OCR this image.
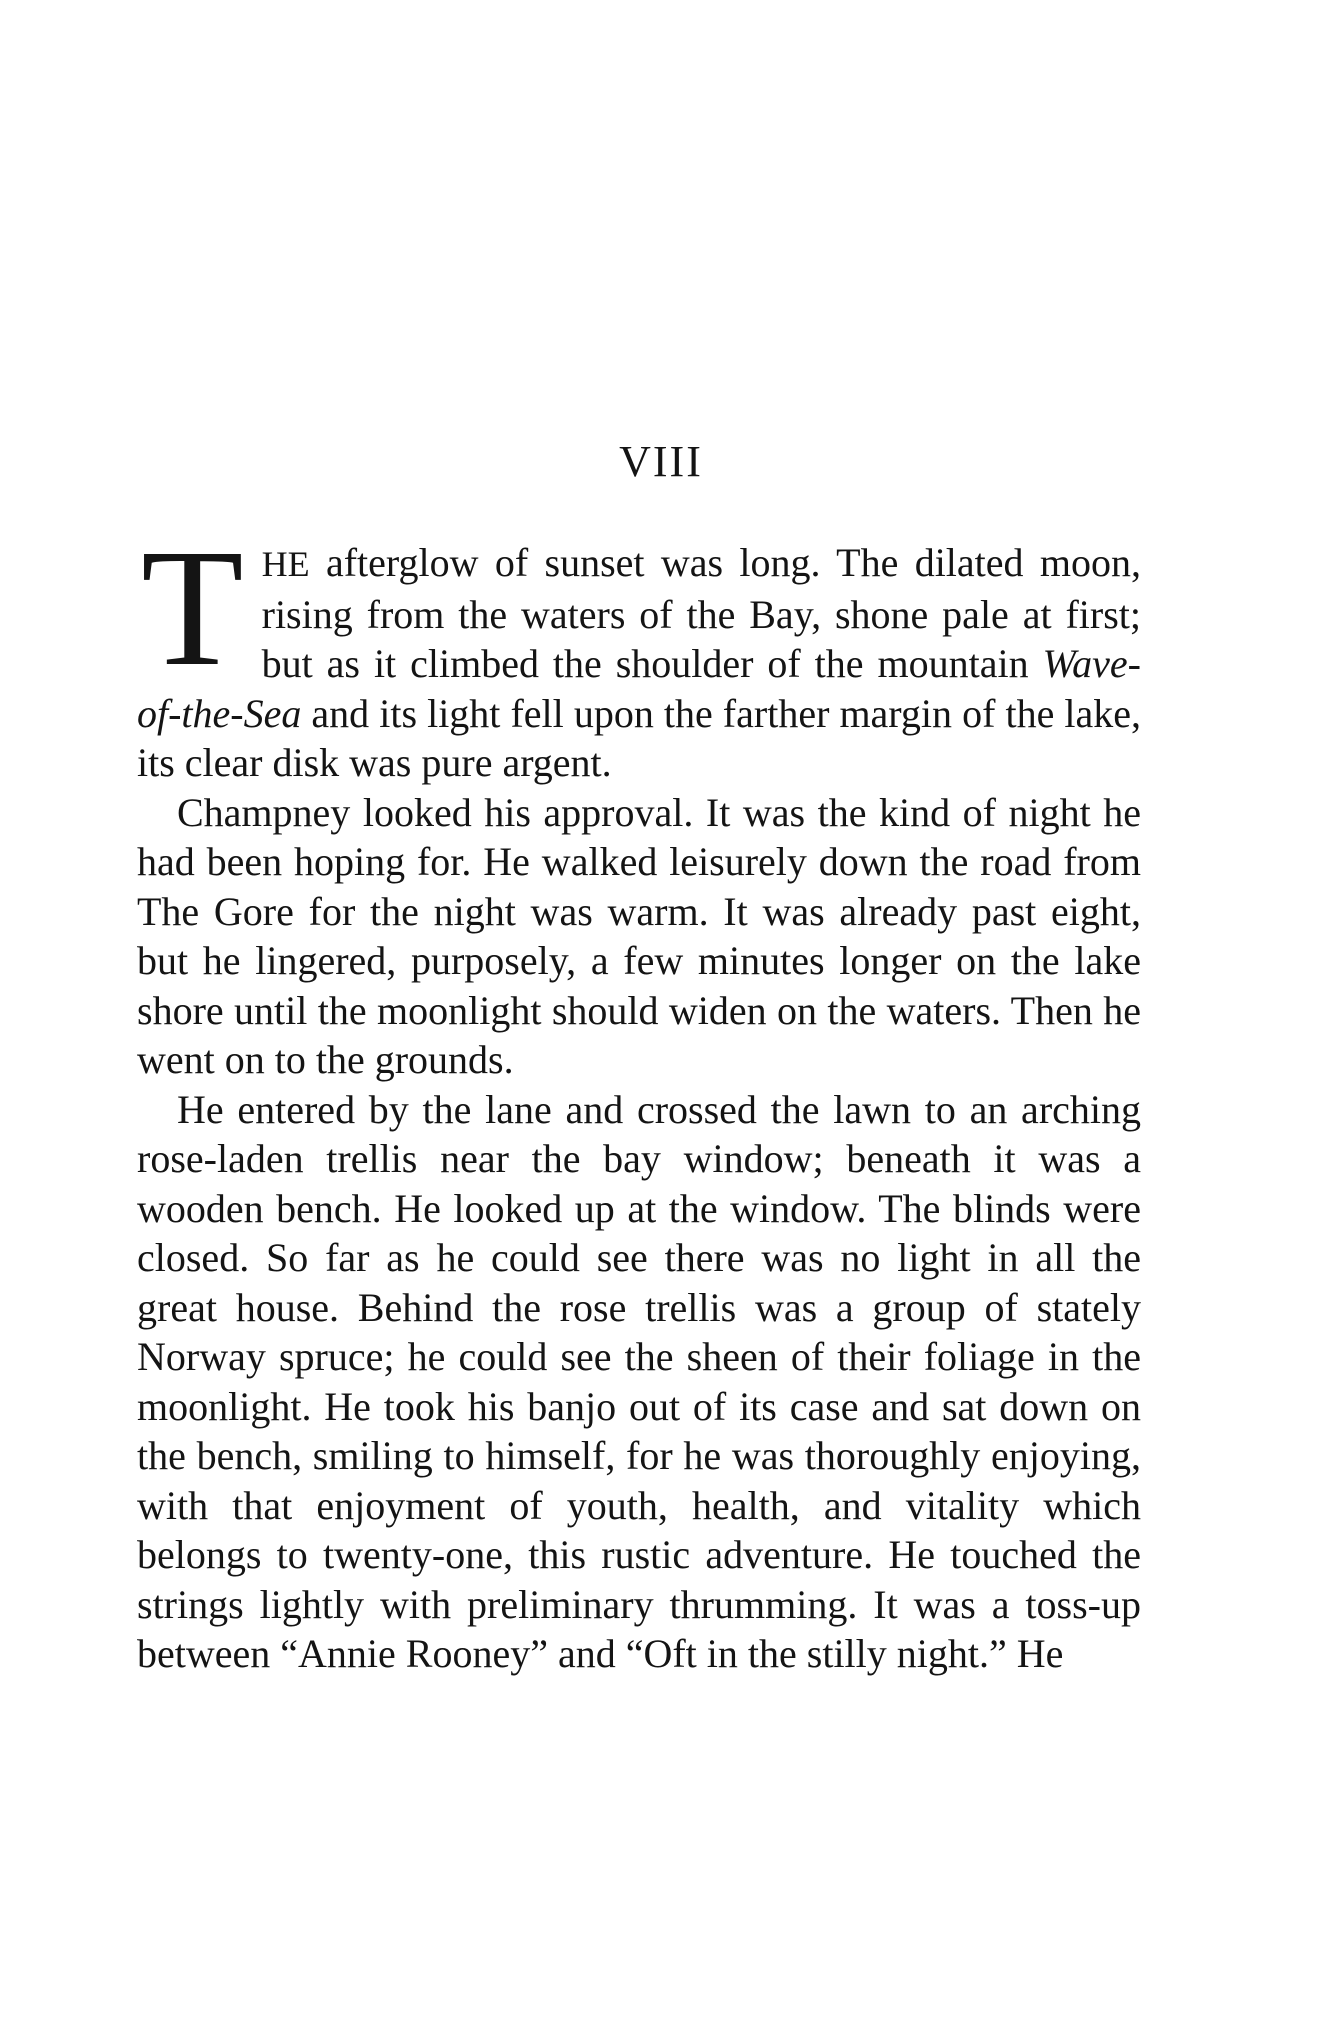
VIII

THE afterglow of sunset was long. The dilated moon, rising from the waters of the Bay, shone pale at first; but as it climbed the shoulder of the mountain Wave-of-the-Sea and its light fell upon the farther margin of the lake, its clear disk was pure argent.

Champney looked his approval. It was the kind of night he had been hoping for. He walked leisurely down the road from The Gore for the night was warm. It was already past eight, but he lingered, purposely, a few minutes longer on the lake shore until the moonlight should widen on the waters. Then he went on to the grounds.

He entered by the lane and crossed the lawn to an arching rose-laden trellis near the bay window; beneath it was a wooden bench. He looked up at the window. The blinds were closed. So far as he could see there was no light in all the great house. Behind the rose trellis was a group of stately Norway spruce; he could see the sheen of their foliage in the moonlight. He took his banjo out of its case and sat down on the bench, smiling to himself, for he was thoroughly enjoying, with that enjoyment of youth, health, and vitality which belongs to twenty-one, this rustic adventure. He touched the strings lightly with preliminary thrumming. It was a toss-up between “Annie Rooney” and “Oft in the stilly night.” He
